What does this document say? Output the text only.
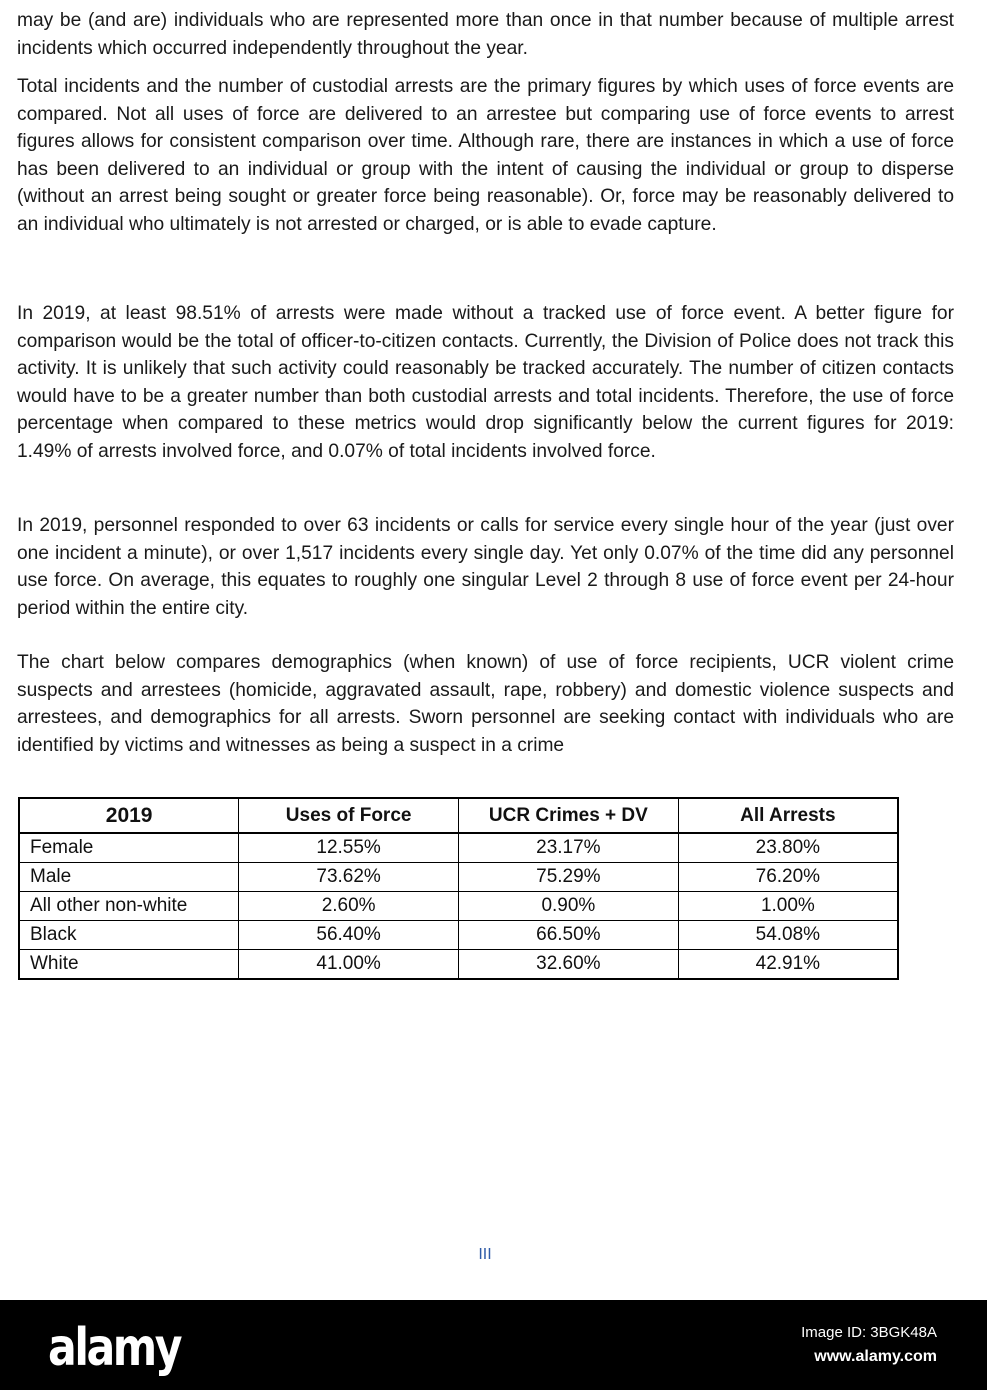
may be (and are) individuals who are represented more than once in that number because of multiple arrest incidents which occurred independently throughout the year.

Total incidents and the number of custodial arrests are the primary figures by which uses of force events are compared. Not all uses of force are delivered to an arrestee but comparing use of force events to arrest figures allows for consistent comparison over time. Although rare, there are instances in which a use of force has been delivered to an individual or group with the intent of causing the individual or group to disperse (without an arrest being sought or greater force being reasonable). Or, force may be reasonably delivered to an individual who ultimately is not arrested or charged, or is able to evade capture.

In 2019, at least 98.51% of arrests were made without a tracked use of force event. A better figure for comparison would be the total of officer-to-citizen contacts. Currently, the Division of Police does not track this activity. It is unlikely that such activity could reasonably be tracked accurately. The number of citizen contacts would have to be a greater number than both custodial arrests and total incidents. Therefore, the use of force percentage when compared to these metrics would drop significantly below the current figures for 2019: 1.49% of arrests involved force, and 0.07% of total incidents involved force.

In 2019, personnel responded to over 63 incidents or calls for service every single hour of the year (just over one incident a minute), or over 1,517 incidents every single day. Yet only 0.07% of the time did any personnel use force. On average, this equates to roughly one singular Level 2 through 8 use of force event per 24-hour period within the entire city.

The chart below compares demographics (when known) of use of force recipients, UCR violent crime suspects and arrestees (homicide, aggravated assault, rape, robbery) and domestic violence suspects and arrestees, and demographics for all arrests. Sworn personnel are seeking contact with individuals who are identified by victims and witnesses as being a suspect in a crime

2019	Uses of Force	UCR Crimes + DV	All Arrests
Female	12.55%	23.17%	23.80%
Male	73.62%	75.29%	76.20%
All other non-white	2.60%	0.90%	1.00%
Black	56.40%	66.50%	54.08%
White	41.00%	32.60%	42.91%
III
alamy	Image ID: 3BGK48A
www.alamy.com
